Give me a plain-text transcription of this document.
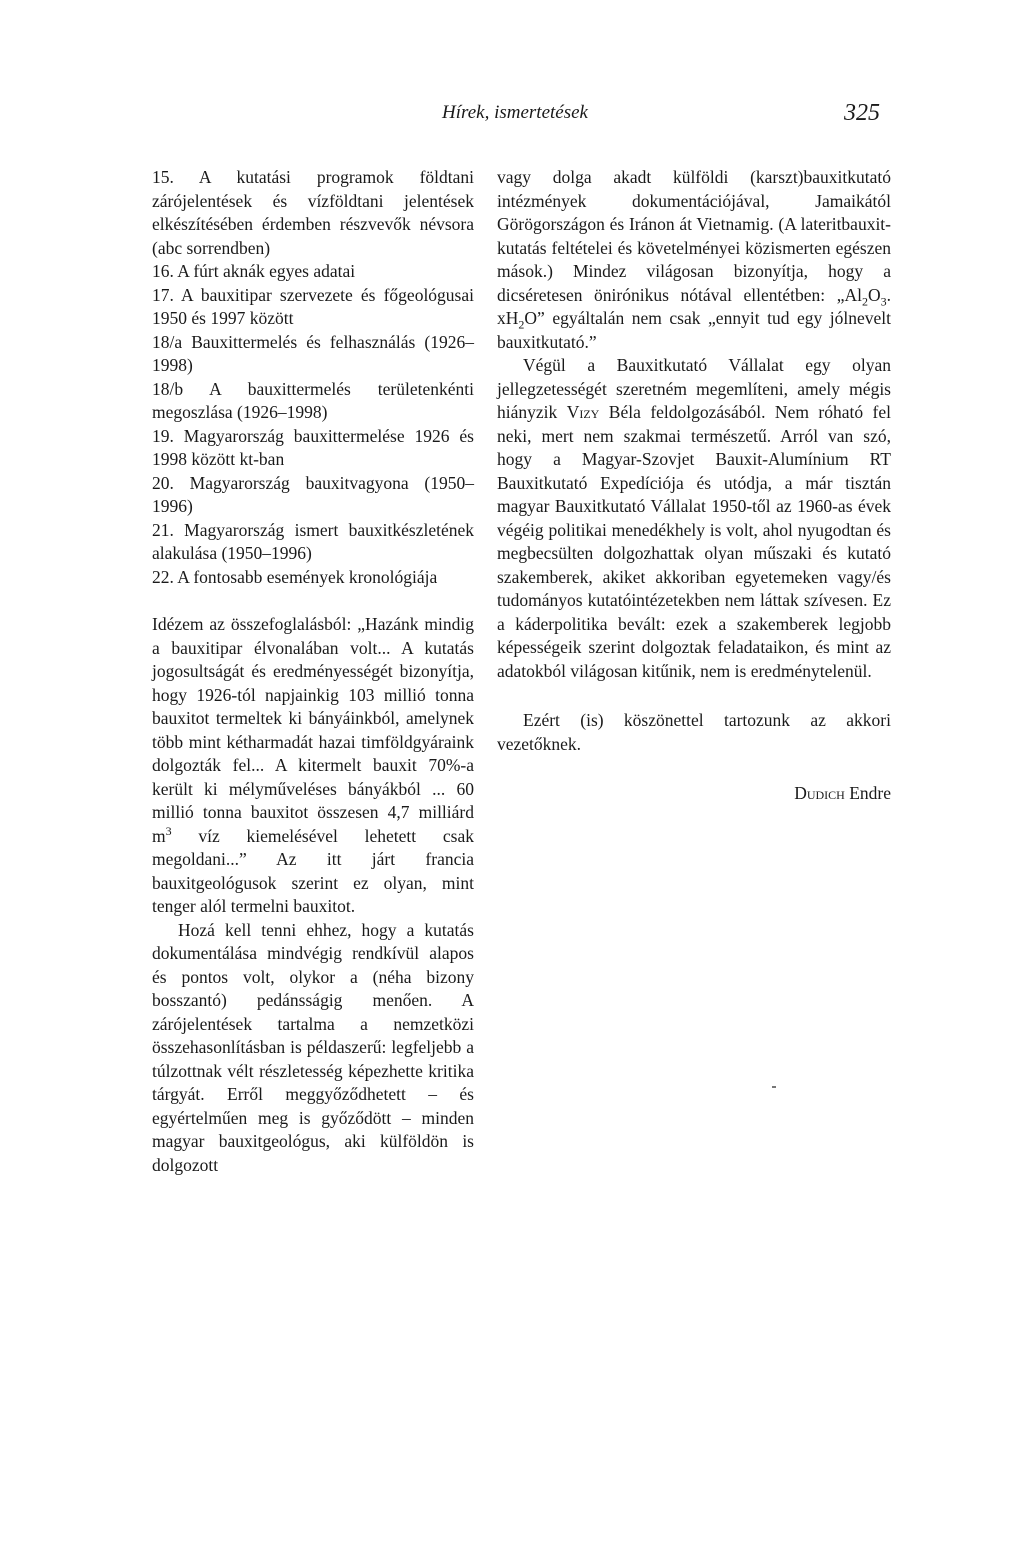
Hírek, ismertetések	325

15. A kutatási programok földtani zárójelentések és vízföldtani jelentések elkészítésében érdemben részvevők névsora (abc sorrendben)

16. A fúrt aknák egyes adatai

17. A bauxitipar szervezete és főgeológusai 1950 és 1997 között

18/a Bauxittermelés és felhasználás (1926–1998)

18/b A bauxittermelés területenkénti megoszlása (1926–1998)

19. Magyarország bauxittermelése 1926 és 1998 között kt-ban

20. Magyarország bauxitvagyona (1950–1996)

21. Magyarország ismert bauxitkészletének alakulása (1950–1996)

22. A fontosabb események kronológiája

Idézem az összefoglalásból: „Hazánk mindig a bauxitipar élvonalában volt... A kutatás jogosultságát és eredményességét bizonyítja, hogy 1926-tól napjainkig 103 millió tonna bauxitot termeltek ki bányáinkból, amelynek több mint kétharmadát hazai timföldgyáraink dolgozták fel... A kitermelt bauxit 70%-a került ki mélyműveléses bányákból ... 60 millió tonna bauxitot összesen 4,7 milliárd $m^3$ víz kiemelésével lehetett csak megoldani...” Az itt járt francia bauxitgeológusok szerint ez olyan, mint tenger alól termelni bauxitot.

Hozá kell tenni ehhez, hogy a kutatás dokumentálása mindvégig rendkívül alapos és pontos volt, olykor a (néha bizony bosszantó) pedánsságig menően. A zárójelentések tartalma a nemzetközi összehasonlításban is példaszerű: legfeljebb a túlzottnak vélt részletesség képezhette kritika tárgyát. Erről meggyőződhetett – és egyértelműen meg is győződött – minden magyar bauxitgeológus, aki külföldön is dolgozott

vagy dolga akadt külföldi (karszt)bauxitkutató intézmények dokumentációjával, Jamaikától Görögországon és Iránon át Vietnamig. (A lateritbauxit-kutatás feltételei és követelményei közismerten egészen mások.) Mindez világosan bizonyítja, hogy a dicséretesen önirónikus nótával ellentétben: $„Al_2O_3$. $xH_2O$” egyáltalán nem csak „ennyit tud egy jólnevelt bauxitkutató.”

Végül a Bauxitkutató Vállalat egy olyan jellegzetességét szeretném megemlíteni, amely mégis hiányzik Vizy Béla feldolgozásából. Nem róható fel neki, mert nem szakmai természetű. Arról van szó, hogy a Magyar-Szovjet Bauxit-Alumínium RT Bauxitkutató Expedíciója és utódja, a már tisztán magyar Bauxitkutató Vállalat 1950-től az 1960-as évek végéig politikai menedékhely is volt, ahol nyugodtan és megbecsülten dolgozhattak olyan műszaki és kutató szakemberek, akiket akkoriban egyetemeken vagy/és tudományos kutatóintézetekben nem láttak szívesen. Ez a káderpolitika bevált: ezek a szakemberek legjobb képességeik szerint dolgoztak feladataikon, és mint az adatokból világosan kitűnik, nem is eredménytelenül.

Ezért (is) köszönettel tartozunk az akkori vezetőknek.

Dudich Endre
